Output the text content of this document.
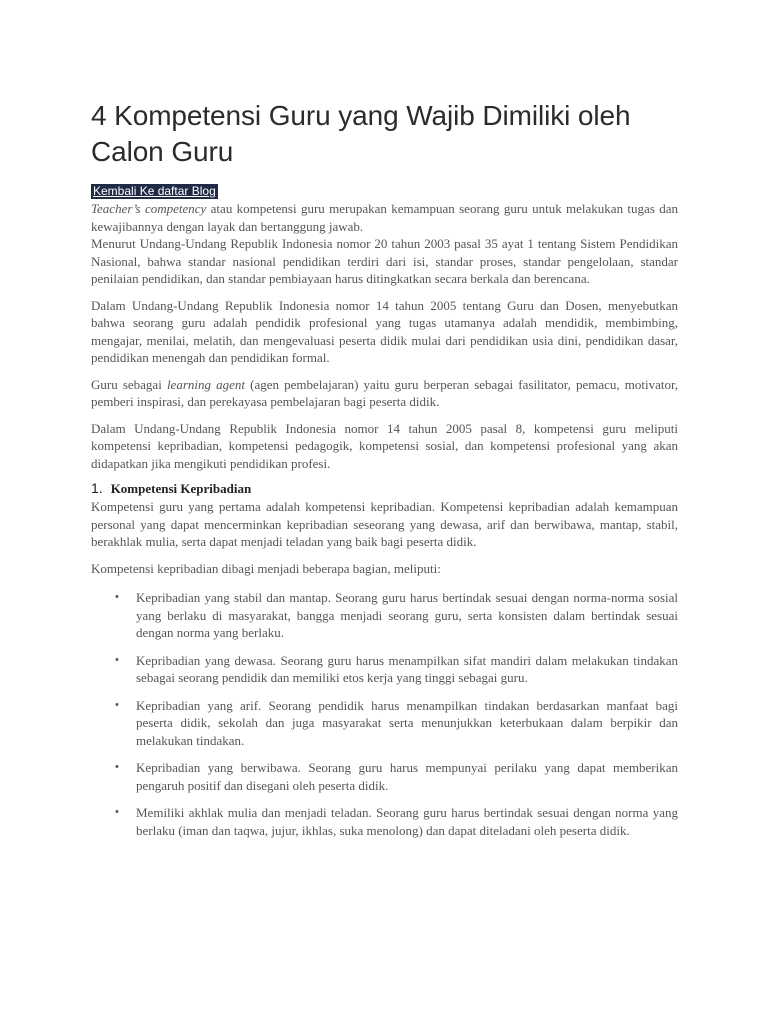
4 Kompetensi Guru yang Wajib Dimiliki oleh Calon Guru
Kembali Ke daftar Blog

Teacher’s competency atau kompetensi guru merupakan kemampuan seorang guru untuk melakukan tugas dan kewajibannya dengan layak dan bertanggung jawab.

Menurut Undang-Undang Republik Indonesia nomor 20 tahun 2003 pasal 35 ayat 1 tentang Sistem Pendidikan Nasional, bahwa standar nasional pendidikan terdiri dari isi, standar proses, standar pengelolaan, standar penilaian pendidikan, dan standar pembiayaan harus ditingkatkan secara berkala dan berencana.

Dalam Undang-Undang Republik Indonesia nomor 14 tahun 2005 tentang Guru dan Dosen, menyebutkan bahwa seorang guru adalah pendidik profesional yang tugas utamanya adalah mendidik, membimbing, mengajar, menilai, melatih, dan mengevaluasi peserta didik mulai dari pendidikan usia dini, pendidikan dasar, pendidikan menengah dan pendidikan formal.

Guru sebagai learning agent (agen pembelajaran) yaitu guru berperan sebagai fasilitator, pemacu, motivator, pemberi inspirasi, dan perekayasa pembelajaran bagi peserta didik.

Dalam Undang-Undang Republik Indonesia nomor 14 tahun 2005 pasal 8, kompetensi guru meliputi kompetensi kepribadian, kompetensi pedagogik, kompetensi sosial, dan kompetensi profesional yang akan didapatkan jika mengikuti pendidikan profesi.

1. Kompetensi Kepribadian

Kompetensi guru yang pertama adalah kompetensi kepribadian. Kompetensi kepribadian adalah kemampuan personal yang dapat mencerminkan kepribadian seseorang yang dewasa, arif dan berwibawa, mantap, stabil, berakhlak mulia, serta dapat menjadi teladan yang baik bagi peserta didik.

Kompetensi kepribadian dibagi menjadi beberapa bagian, meliputi:

• Kepribadian yang stabil dan mantap. Seorang guru harus bertindak sesuai dengan norma-norma sosial yang berlaku di masyarakat, bangga menjadi seorang guru, serta konsisten dalam bertindak sesuai dengan norma yang berlaku.

• Kepribadian yang dewasa. Seorang guru harus menampilkan sifat mandiri dalam melakukan tindakan sebagai seorang pendidik dan memiliki etos kerja yang tinggi sebagai guru.

• Kepribadian yang arif. Seorang pendidik harus menampilkan tindakan berdasarkan manfaat bagi peserta didik, sekolah dan juga masyarakat serta menunjukkan keterbukaan dalam berpikir dan melakukan tindakan.

• Kepribadian yang berwibawa. Seorang guru harus mempunyai perilaku yang dapat memberikan pengaruh positif dan disegani oleh peserta didik.

• Memiliki akhlak mulia dan menjadi teladan. Seorang guru harus bertindak sesuai dengan norma yang berlaku (iman dan taqwa, jujur, ikhlas, suka menolong) dan dapat diteladani oleh peserta didik.
